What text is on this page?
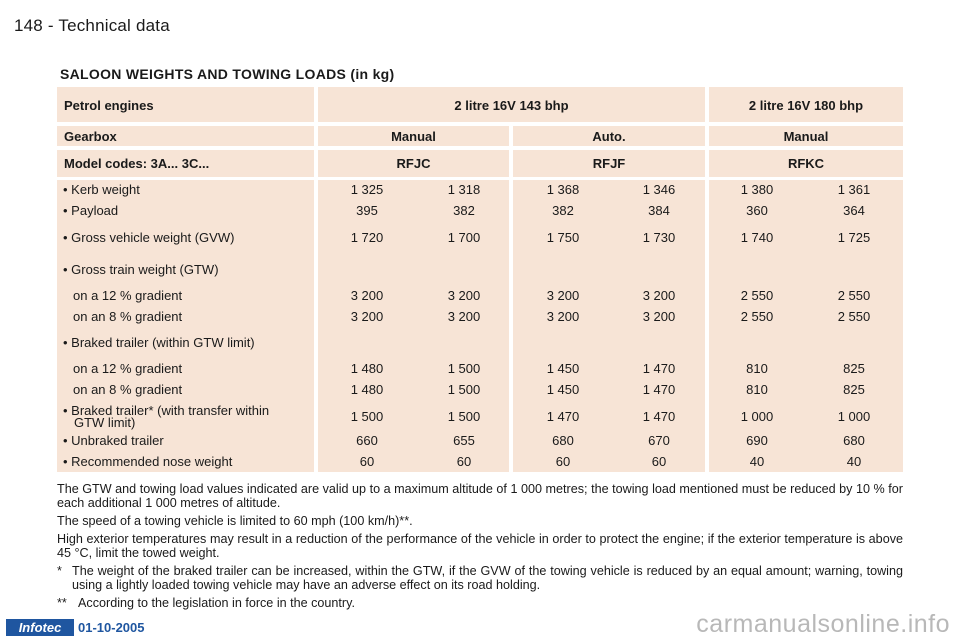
148 - Technical data
SALOON WEIGHTS AND TOWING LOADS (in kg)
Petrol engines	2 litre 16V 143 bhp	2 litre 16V 180 bhp
Gearbox	Manual	Auto.	Manual
Model codes: 3A... 3C...	RFJC	RFJF	RFKC
• Kerb weight	1 325	1 318	1 368	1 346	1 380	1 361
• Payload	395	382	382	384	360	364
• Gross vehicle weight (GVW)	1 720	1 700	1 750	1 730	1 740	1 725
• Gross train weight (GTW)
on a 12 % gradient	3 200	3 200	3 200	3 200	2 550	2 550
on an 8 % gradient	3 200	3 200	3 200	3 200	2 550	2 550
• Braked trailer (within GTW limit)
on a 12 % gradient	1 480	1 500	1 450	1 470	810	825
on an 8 % gradient	1 480	1 500	1 450	1 470	810	825
• Braked trailer* (with transfer within
GTW limit)	1 500	1 500	1 470	1 470	1 000	1 000
• Unbraked trailer	660	655	680	670	690	680
• Recommended nose weight	60	60	60	60	40	40

The GTW and towing load values indicated are valid up to a maximum altitude of 1 000 metres; the towing load mentioned must be reduced by 10 % for each additional 1 000 metres of altitude.

The speed of a towing vehicle is limited to 60 mph (100 km/h)**.

High exterior temperatures may result in a reduction of the performance of the vehicle in order to protect the engine; if the exterior temperature is above 45 °C, limit the towed weight.

* The weight of the braked trailer can be increased, within the GTW, if the GVW of the towing vehicle is reduced by an equal amount; warning, towing using a lightly loaded towing vehicle may have an adverse effect on its road holding.
** According to the legislation in force in the country.
Infotec	01-10-2005	carmanualsonline.info
